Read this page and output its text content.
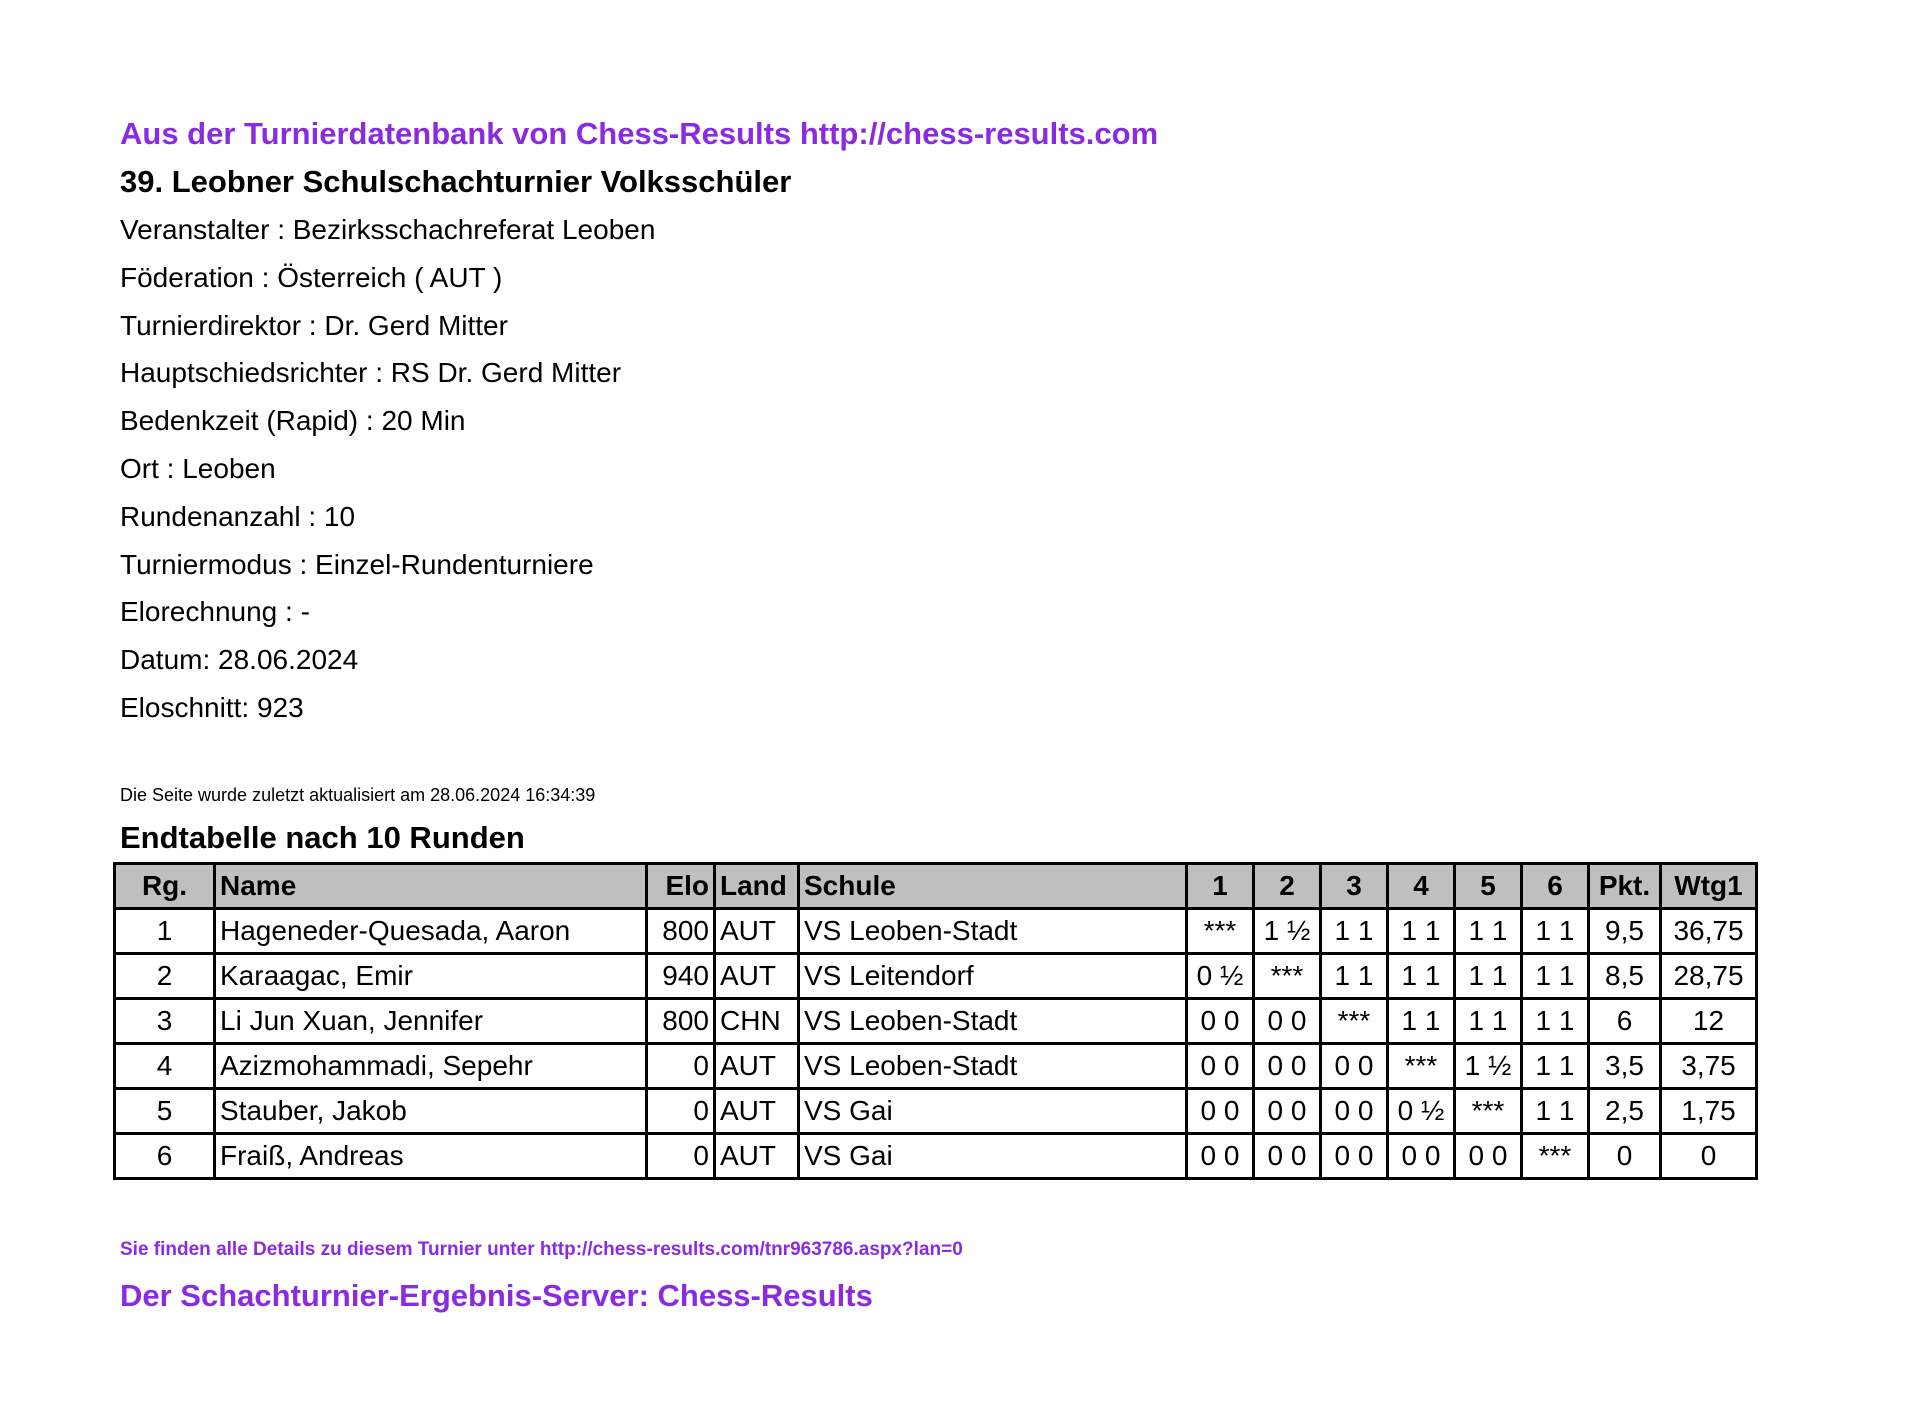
Aus der Turnierdatenbank von Chess-Results http://chess-results.com
39. Leobner Schulschachturnier Volksschüler
Veranstalter : Bezirksschachreferat Leoben
Föderation : Österreich ( AUT )
Turnierdirektor : Dr. Gerd Mitter
Hauptschiedsrichter : RS Dr. Gerd Mitter
Bedenkzeit (Rapid) : 20 Min
Ort : Leoben
Rundenanzahl : 10
Turniermodus : Einzel-Rundenturniere
Elorechnung : -
Datum: 28.06.2024
Eloschnitt: 923
Die Seite wurde zuletzt aktualisiert am 28.06.2024 16:34:39
Endtabelle nach 10 Runden
Rg.	Name	Elo	Land	Schule	1	2	3	4	5	6	Pkt.	Wtg1
1	Hageneder-Quesada, Aaron	800	AUT	VS Leoben-Stadt	***	1 ½	1 1	1 1	1 1	1 1	9,5	36,75
2	Karaagac, Emir	940	AUT	VS Leitendorf	0 ½	***	1 1	1 1	1 1	1 1	8,5	28,75
3	Li Jun Xuan, Jennifer	800	CHN	VS Leoben-Stadt	0 0	0 0	***	1 1	1 1	1 1	6	12
4	Azizmohammadi, Sepehr	0	AUT	VS Leoben-Stadt	0 0	0 0	0 0	***	1 ½	1 1	3,5	3,75
5	Stauber, Jakob	0	AUT	VS Gai	0 0	0 0	0 0	0 ½	***	1 1	2,5	1,75
6	Fraiß, Andreas	0	AUT	VS Gai	0 0	0 0	0 0	0 0	0 0	***	0	0
Sie finden alle Details zu diesem Turnier unter http://chess-results.com/tnr963786.aspx?lan=0
Der Schachturnier-Ergebnis-Server: Chess-Results
